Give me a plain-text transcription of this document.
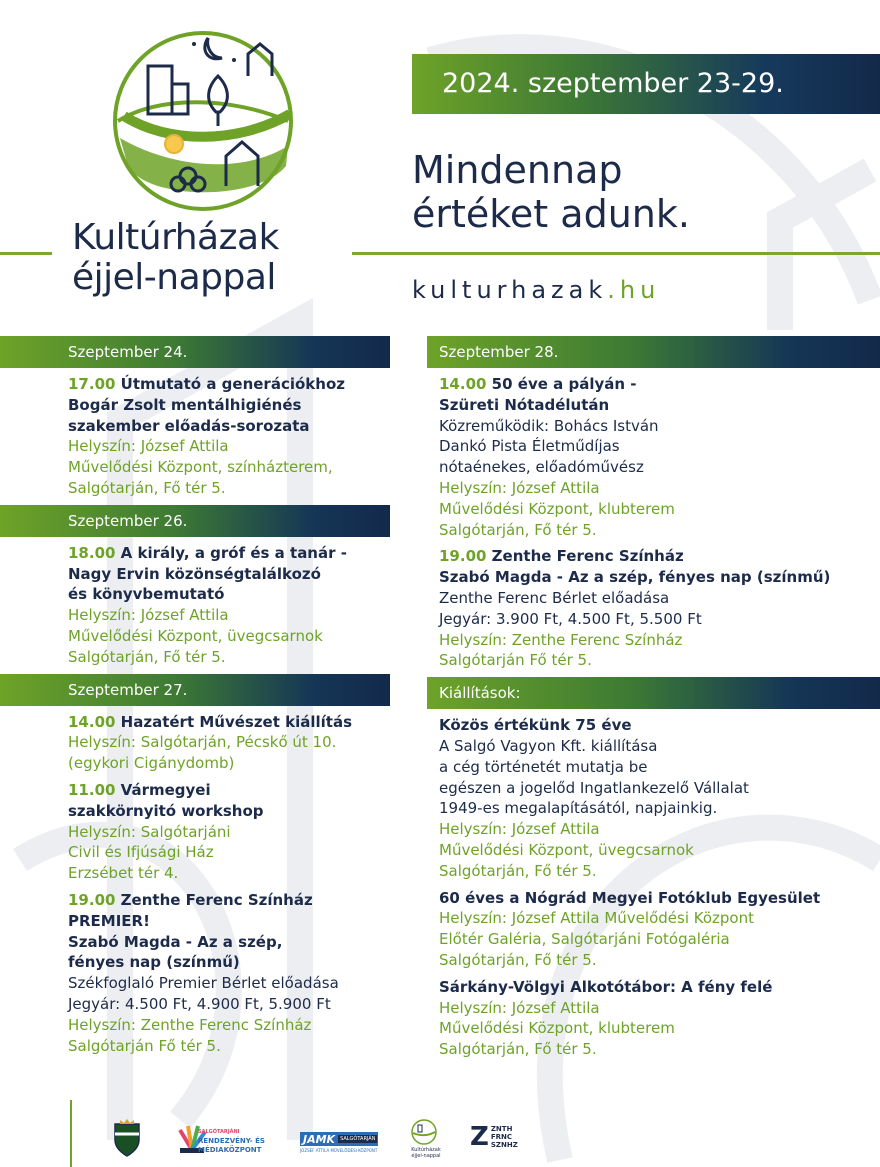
Kultúrházak
éjjel-nappal
2024. szeptember 23-29.
Mindennap
értéket adunk.
kulturhazak.hu
Szeptember 24.
17.00 Útmutató a generációkhoz
Bogár Zsolt mentálhigiénés
szakember előadás-sorozata
Helyszín: József Attila
Művelődési Központ, színházterem,
Salgótarján, Fő tér 5.
Szeptember 26.
18.00 A király, a gróf és a tanár -
Nagy Ervin közönségtalálkozó
és könyvbemutató
Helyszín: József Attila
Művelődési Központ, üvegcsarnok
Salgótarján, Fő tér 5.
Szeptember 27.
14.00 Hazatért Művészet kiállítás
Helyszín: Salgótarján, Pécskő út 10.
(egykori Cigánydomb)
11.00 Vármegyei
szakkörnyitó workshop
Helyszín: Salgótarjáni
Civil és Ifjúsági Ház
Erzsébet tér 4.
19.00 Zenthe Ferenc Színház
PREMIER!
Szabó Magda - Az a szép,
fényes nap (színmű)
Székfoglaló Premier Bérlet előadása
Jegyár: 4.500 Ft, 4.900 Ft, 5.900 Ft
Helyszín: Zenthe Ferenc Színház
Salgótarján Fő tér 5.
Szeptember 28.
14.00 50 éve a pályán -
Szüreti Nótadélután
Közreműködik: Bohács István
Dankó Pista Életműdíjas
nótaénekes, előadóművész
Helyszín: József Attila
Művelődési Központ, klubterem
Salgótarján, Fő tér 5.
19.00 Zenthe Ferenc Színház
Szabó Magda - Az a szép, fényes nap (színmű)
Zenthe Ferenc Bérlet előadása
Jegyár: 3.900 Ft, 4.500 Ft, 5.500 Ft
Helyszín: Zenthe Ferenc Színház
Salgótarján Fő tér 5.
Kiállítások:
Közös értékünk 75 éve
A Salgó Vagyon Kft. kiállítása
a cég történetét mutatja be
egészen a jogelőd Ingatlankezelő Vállalat
1949-es megalapításától, napjainkig.
Helyszín: József Attila
Művelődési Központ, üvegcsarnok
Salgótarján, Fő tér 5.
60 éves a Nógrád Megyei Fotóklub Egyesület
Helyszín: József Attila Művelődési Központ
Előtér Galéria, Salgótarjáni Fotógaléria
Salgótarján, Fő tér 5.
Sárkány-Völgyi Alkotótábor: A fény felé
Helyszín: József Attila
Művelődési Központ, klubterem
Salgótarján, Fő tér 5.
SALGÓTARJÁNI
RENDEZVÉNY- ÉS
MÉDIAKÖZPONT
JAMK	SALGÓTARJÁN
JÓZSEF ATTILA MŰVELŐDÉSI KÖZPONT	Kultúrházak
éjjel-nappal
Z ZNTH
FRNC
SZNHZ
